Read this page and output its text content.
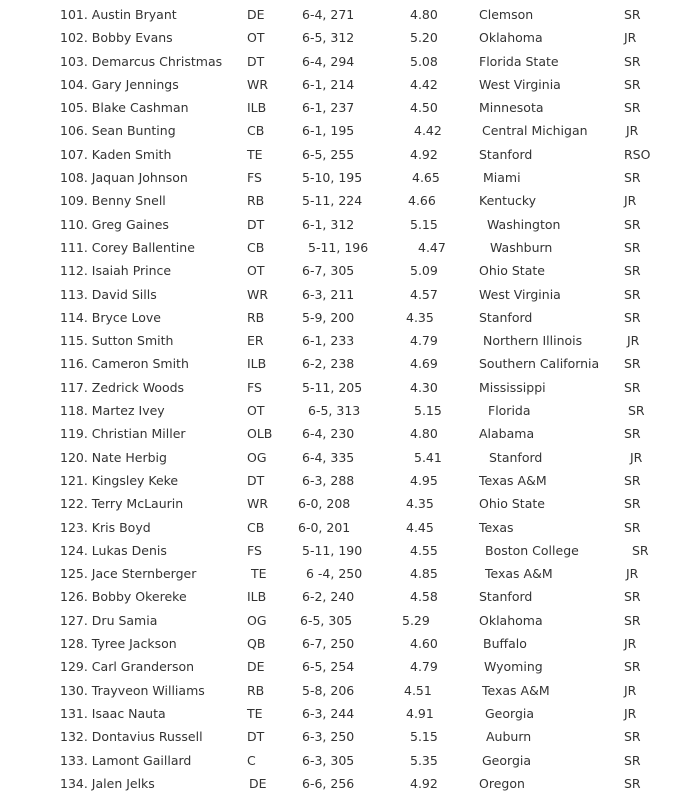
101. Austin Bryant	DE	6-4, 271	4.80	Clemson	SR
102. Bobby Evans	OT	6-5, 312	5.20	Oklahoma	JR
103. Demarcus Christmas DT	6-4, 294	5.08	Florida State	SR
104. Gary Jennings	WR	6-1, 214	4.42	West Virginia	SR
105. Blake Cashman	ILB	6-1, 237	4.50	Minnesota	SR
106. Sean Bunting	CB	6-1, 195	4.42	Central Michigan	JR
107. Kaden Smith	TE	6-5, 255	4.92	Stanford	RSO
108. Jaquan Johnson	FS	5-10, 195	4.65	Miami	SR
109. Benny Snell	RB	5-11, 224	4.66	Kentucky	JR
110. Greg Gaines	DT	6-1, 312	5.15	Washington	SR
111. Corey Ballentine	CB	5-11, 196	4.47	Washburn	SR
112. Isaiah Prince	OT	6-7, 305	5.09	Ohio State	SR
113. David Sills	WR	6-3, 211	4.57	West Virginia	SR
114. Bryce Love	RB	5-9, 200	4.35	Stanford	SR
115. Sutton Smith	ER	6-1, 233	4.79	Northern Illinois	JR
116. Cameron Smith	ILB	6-2, 238	4.69	Southern California SR
117. Zedrick Woods	FS	5-11, 205	4.30	Mississippi	SR
118. Martez Ivey	OT	6-5, 313	5.15	Florida	SR
119. Christian Miller	OLB 6-4, 230	4.80	Alabama	SR
120. Nate Herbig	OG	6-4, 335	5.41	Stanford	JR
121. Kingsley Keke	DT	6-3, 288	4.95	Texas A&M	SR
122. Terry McLaurin	WR 6-0, 208	4.35	Ohio State	SR
123. Kris Boyd	CB	6-0, 201	4.45	Texas	SR
124. Lukas Denis	FS	5-11, 190	4.55	Boston College	SR
125. Jace Sternberger	TE	6 -4, 250	4.85	Texas A&M	JR
126. Bobby Okereke	ILB	6-2, 240	4.58	Stanford	SR
127. Dru Samia	OG	6-5, 305	5.29	Oklahoma	SR
128. Tyree Jackson	QB	6-7, 250	4.60	Buffalo	JR
129. Carl Granderson	DE	6-5, 254	4.79	Wyoming	SR
130. Trayveon Williams	RB	5-8, 206	4.51	Texas A&M	JR
131. Isaac Nauta	TE	6-3, 244	4.91	Georgia	JR
132. Dontavius Russell	DT	6-3, 250	5.15	Auburn	SR
133. Lamont Gaillard	C	6-3, 305	5.35	Georgia	SR
134. Jalen Jelks	DE	6-6, 256	4.92	Oregon	SR
